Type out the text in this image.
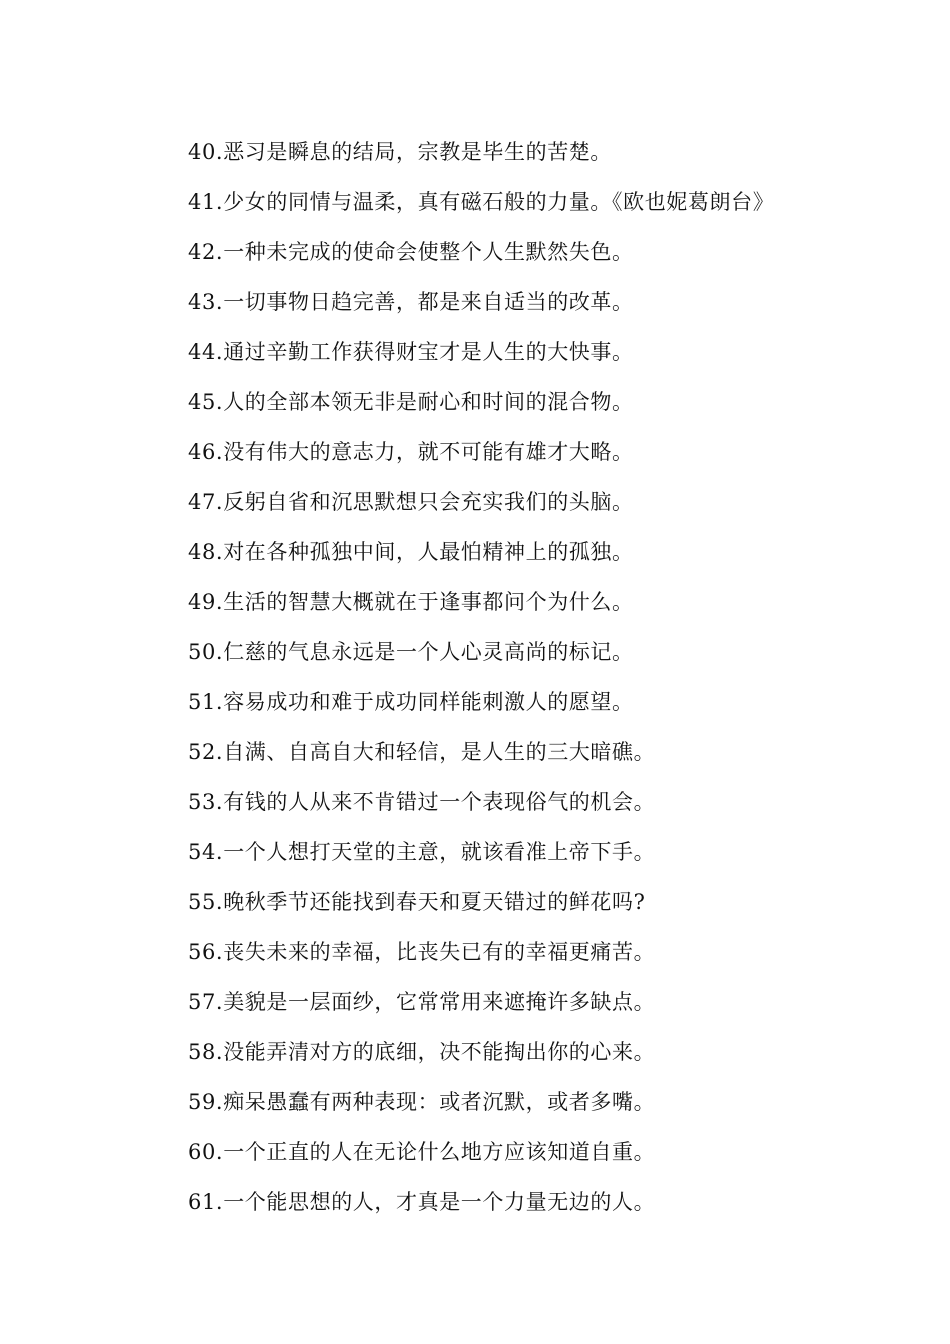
40.恶习是瞬息的结局，宗教是毕生的苦楚。
41.少女的同情与温柔，真有磁石般的力量。《欧也妮葛朗台》
42.一种未完成的使命会使整个人生默然失色。
43.一切事物日趋完善，都是来自适当的改革。
44.通过辛勤工作获得财宝才是人生的大快事。
45.人的全部本领无非是耐心和时间的混合物。
46.没有伟大的意志力，就不可能有雄才大略。
47.反躬自省和沉思默想只会充实我们的头脑。
48.对在各种孤独中间，人最怕精神上的孤独。
49.生活的智慧大概就在于逢事都问个为什么。
50.仁慈的气息永远是一个人心灵高尚的标记。
51.容易成功和难于成功同样能刺激人的愿望。
52.自满、自高自大和轻信，是人生的三大暗礁。
53.有钱的人从来不肯错过一个表现俗气的机会。
54.一个人想打天堂的主意，就该看准上帝下手。
55.晚秋季节还能找到春天和夏天错过的鲜花吗?
56.丧失未来的幸福，比丧失已有的幸福更痛苦。
57.美貌是一层面纱，它常常用来遮掩许多缺点。
58.没能弄清对方的底细，决不能掏出你的心来。
59.痴呆愚蠢有两种表现：或者沉默，或者多嘴。
60.一个正直的人在无论什么地方应该知道自重。
61.一个能思想的人，才真是一个力量无边的人。
